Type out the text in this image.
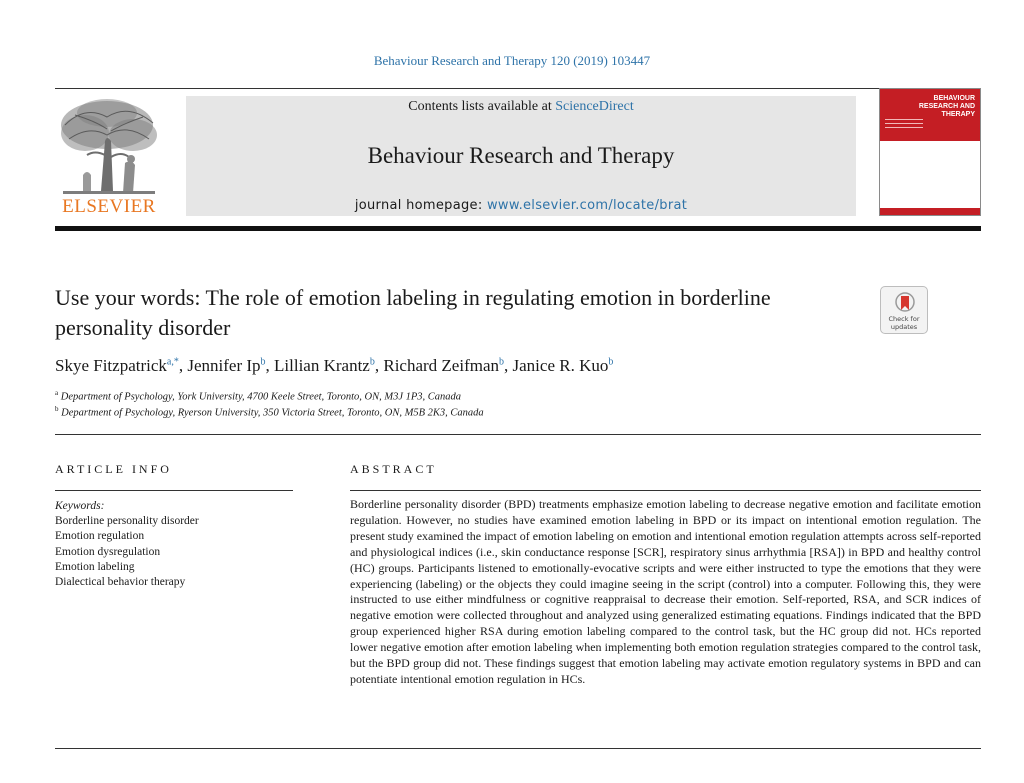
Behaviour Research and Therapy 120 (2019) 103447
ELSEVIER
Contents lists available at ScienceDirect
Behaviour Research and Therapy
journal homepage: www.elsevier.com/locate/brat
BEHAVIOUR RESEARCH AND THERAPY
Use your words: The role of emotion labeling in regulating emotion in borderline personality disorder	Check for
updates
Skye Fitzpatrick$^{a,*}$, Jennifer Ip$^b$, Lillian Krantz$^b$, Richard Zeifman$^b$, Janice R. Kuo$^b$
$^a$ Department of Psychology, York University, 4700 Keele Street, Toronto, ON, M3J 1P3, Canada
$^b$ Department of Psychology, Ryerson University, 350 Victoria Street, Toronto, ON, M5B 2K3, Canada
ARTICLE INFO	ABSTRACT
Keywords:
Borderline personality disorder
Emotion regulation
Emotion dysregulation
Emotion labeling
Dialectical behavior therapy
Borderline personality disorder (BPD) treatments emphasize emotion labeling to decrease negative emotion and facilitate emotion regulation. However, no studies have examined emotion labeling in BPD or its impact on intentional emotion regulation. The present study examined the impact of emotion labeling on emotion and intentional emotion regulation attempts across self-reported and physiological indices (i.e., skin conductance response [SCR], respiratory sinus arrhythmia [RSA]) in BPD and healthy control (HC) groups. Participants listened to emotionally-evocative scripts and were either instructed to type the emotions that they were experiencing (labeling) or the objects they could imagine seeing in the script (control) into a computer. Following this, they were instructed to use either mindfulness or cognitive reappraisal to decrease their emotion. Self-reported, RSA, and SCR indices of negative emotion were collected throughout and analyzed using generalized estimating equations. Findings indicated that the BPD group experienced higher RSA during emotion labeling compared to the control task, but the HC group did not. HCs reported lower negative emotion after emotion labeling when implementing both emotion regulation strategies compared to the control task, but the BPD group did not. These findings suggest that emotion labeling may activate emotion regulatory systems in BPD and can potentiate intentional emotion regulation in HCs.
